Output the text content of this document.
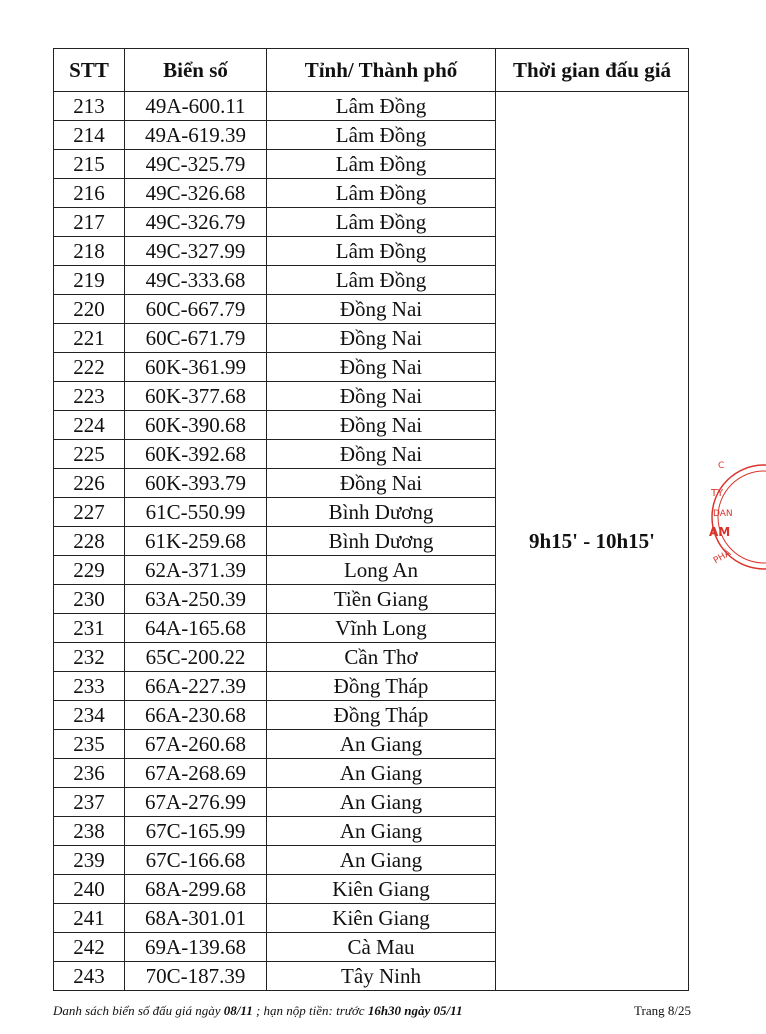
STT	Biển số	Tỉnh/ Thành phố	Thời gian đấu giá
213	49A-600.11	Lâm Đồng	9h15' - 10h15'
214	49A-619.39	Lâm Đồng	
215	49C-325.79	Lâm Đồng	
216	49C-326.68	Lâm Đồng	
217	49C-326.79	Lâm Đồng	
218	49C-327.99	Lâm Đồng	
219	49C-333.68	Lâm Đồng	
220	60C-667.79	Đồng Nai	
221	60C-671.79	Đồng Nai	
222	60K-361.99	Đồng Nai	
223	60K-377.68	Đồng Nai	
224	60K-390.68	Đồng Nai	
225	60K-392.68	Đồng Nai	
226	60K-393.79	Đồng Nai	
227	61C-550.99	Bình Dương	
228	61K-259.68	Bình Dương	
229	62A-371.39	Long An	
230	63A-250.39	Tiền Giang	
231	64A-165.68	Vĩnh Long	
232	65C-200.22	Cần Thơ	
233	66A-227.39	Đồng Tháp	
234	66A-230.68	Đồng Tháp	
235	67A-260.68	An Giang	
236	67A-268.69	An Giang	
237	67A-276.99	An Giang	
238	67C-165.99	An Giang	
239	67C-166.68	An Giang	
240	68A-299.68	Kiên Giang	
241	68A-301.01	Kiên Giang	
242	69A-139.68	Cà Mau	
243	70C-187.39	Tây Ninh	
Danh sách biển số đấu giá ngày 08/11 ; hạn nộp tiền: trước 16h30 ngày 05/11	Trang 8/25
C
TY
DAN
AM
PHÁ
